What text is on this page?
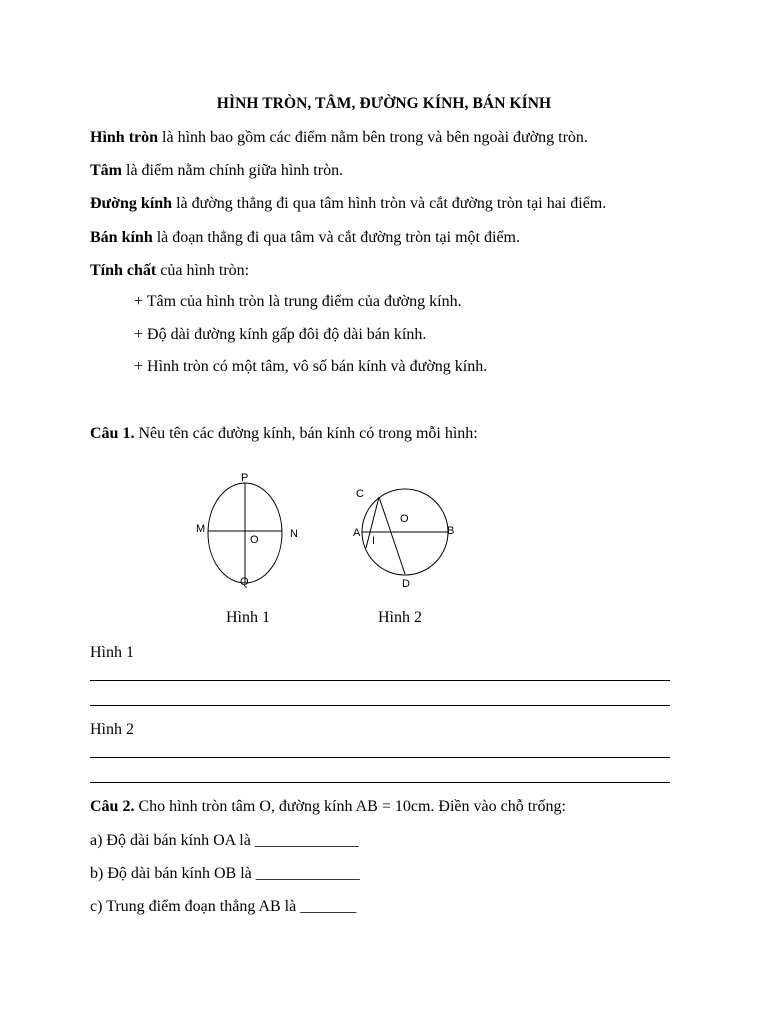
HÌNH TRÒN, TÂM, ĐƯỜNG KÍNH, BÁN KÍNH
Hình tròn là hình bao gồm các điểm nằm bên trong và bên ngoài đường tròn.
Tâm là điểm nằm chính giữa hình tròn.
Đường kính là đường thẳng đi qua tâm hình tròn và cắt đường tròn tại hai điểm.
Bán kính là đoạn thẳng đi qua tâm và cắt đường tròn tại một điểm.
Tính chất của hình tròn:
+ Tâm của hình tròn là trung điểm của đường kính.
+ Độ dài đường kính gấp đôi độ dài bán kính.
+ Hình tròn có một tâm, vô số bán kính và đường kính.
Câu 1. Nêu tên các đường kính, bán kính có trong mỗi hình:
P
M	N
O
Q
C
A
O
B
I
D
Hình 1	Hình 2
Hình 1
Hình 2
Câu 2. Cho hình tròn tâm O, đường kính AB = 10cm. Điền vào chỗ trống:
a) Độ dài bán kính OA là _____________
b) Độ dài bán kính OB là _____________
c) Trung điểm đoạn thẳng AB là _______
